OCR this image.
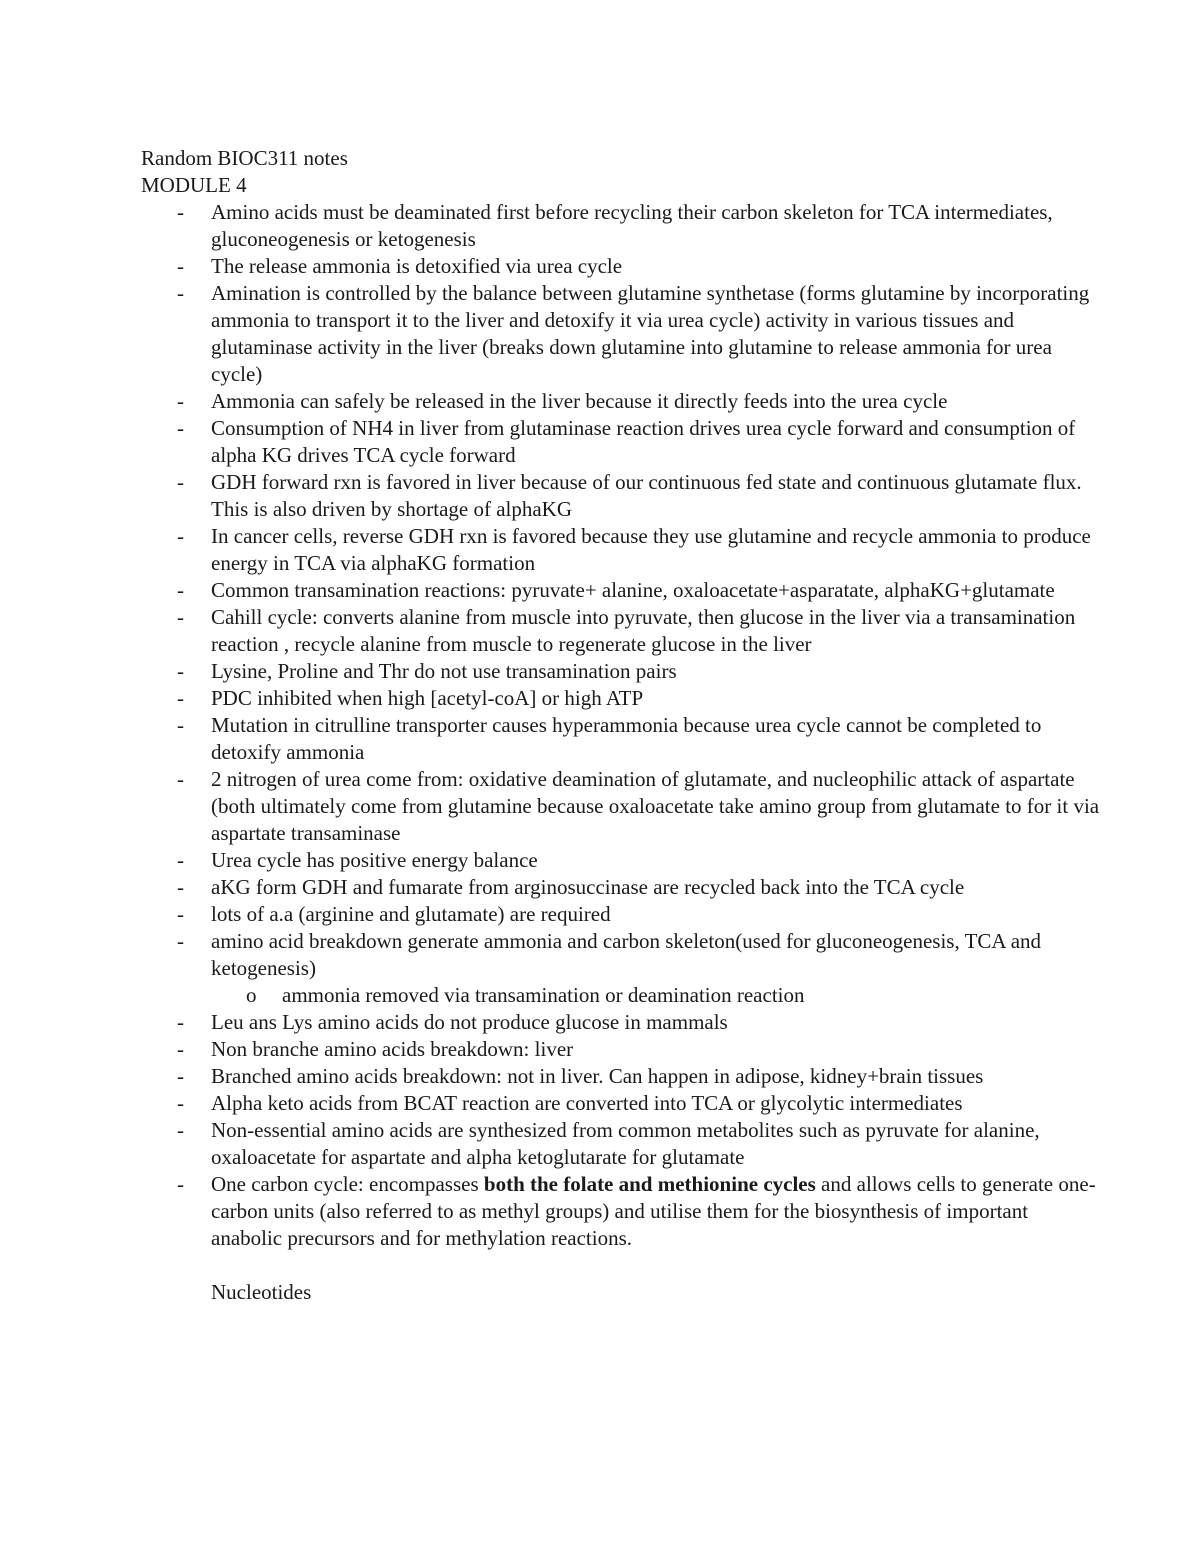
Random BIOC311 notes
MODULE 4
- Amino acids must be deaminated first before recycling their carbon skeleton for TCA intermediates, gluconeogenesis or ketogenesis
- The release ammonia is detoxified via urea cycle
- Amination is controlled by the balance between glutamine synthetase (forms glutamine by incorporating ammonia to transport it to the liver and detoxify it via urea cycle) activity in various tissues and glutaminase activity in the liver (breaks down glutamine into glutamine to release ammonia for urea cycle)
- Ammonia can safely be released in the liver because it directly feeds into the urea cycle
- Consumption of NH4 in liver from glutaminase reaction drives urea cycle forward and consumption of alpha KG drives TCA cycle forward
- GDH forward rxn is favored in liver because of our continuous fed state and continuous glutamate flux. This is also driven by shortage of alphaKG
- In cancer cells, reverse GDH rxn is favored because they use glutamine and recycle ammonia to produce energy in TCA via alphaKG formation
- Common transamination reactions: pyruvate+ alanine, oxaloacetate+asparatate, alphaKG+glutamate
- Cahill cycle: converts alanine from muscle into pyruvate, then glucose in the liver via a transamination reaction , recycle alanine from muscle to regenerate glucose in the liver
- Lysine, Proline and Thr do not use transamination pairs
- PDC inhibited when high [acetyl-coA] or high ATP
- Mutation in citrulline transporter causes hyperammonia because urea cycle cannot be completed to detoxify ammonia
- 2 nitrogen of urea come from: oxidative deamination of glutamate, and nucleophilic attack of aspartate (both ultimately come from glutamine because oxaloacetate take amino group from glutamate to for it via aspartate transaminase
- Urea cycle has positive energy balance
- aKG form GDH and fumarate from arginosuccinase are recycled back into the TCA cycle
- lots of a.a (arginine and glutamate) are required
- amino acid breakdown generate ammonia and carbon skeleton(used for gluconeogenesis, TCA and ketogenesis)
o ammonia removed via transamination or deamination reaction
- Leu ans Lys amino acids do not produce glucose in mammals
- Non branche amino acids breakdown: liver
- Branched amino acids breakdown: not in liver. Can happen in adipose, kidney+brain tissues
- Alpha keto acids from BCAT reaction are converted into TCA or glycolytic intermediates
- Non-essential amino acids are synthesized from common metabolites such as pyruvate for alanine, oxaloacetate for aspartate and alpha ketoglutarate for glutamate
- One carbon cycle: encompasses both the folate and methionine cycles and allows cells to generate one-carbon units (also referred to as methyl groups) and utilise them for the biosynthesis of important anabolic precursors and for methylation reactions.
Nucleotides
